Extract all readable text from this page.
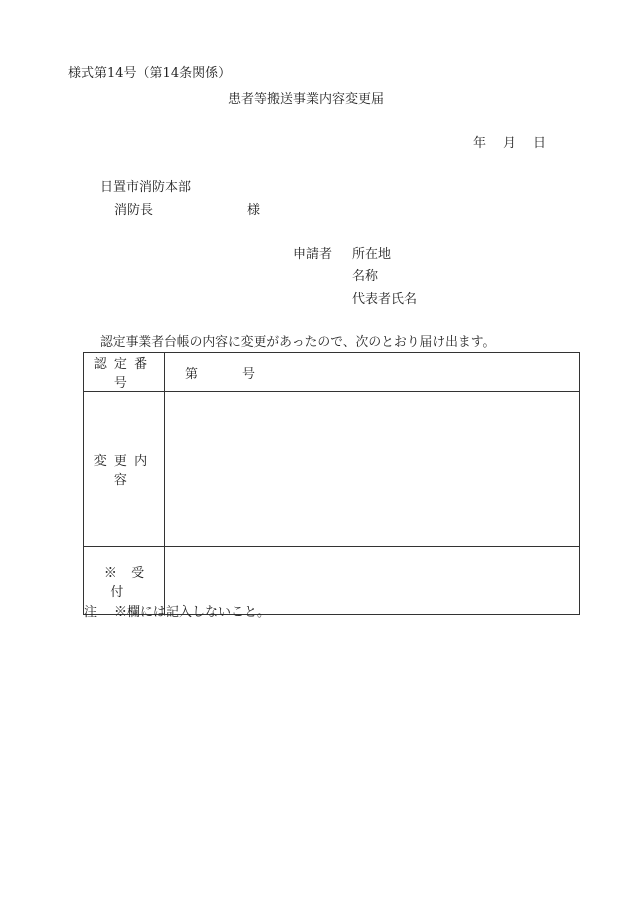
様式第14号（第14条関係）
患者等搬送事業内容変更届
年 月 日
日置市消防本部
消防長	様
申請者 所在地
名称
代表者氏名
認定事業者台帳の内容に変更があったので、次のとおり届け出ます。
認定番号	第 号
変更内容	
※受付	
注 ※欄には記入しないこと。
